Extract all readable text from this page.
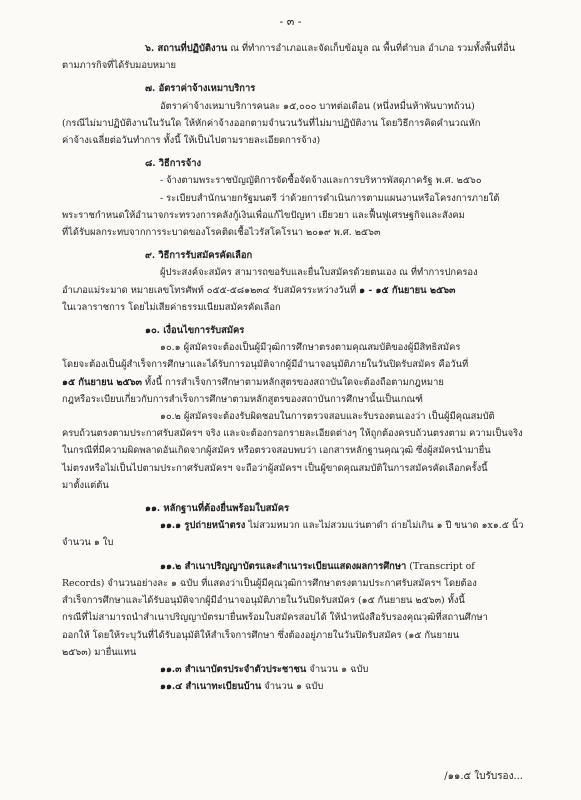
- ๓ -

๖. สถานที่ปฏิบัติงาน ณ ที่ทำการอำเภอและจัดเก็บข้อมูล ณ พื้นที่ตำบล อำเภอ รวมทั้งพื้นที่อื่น

ตามภารกิจที่ได้รับมอบหมาย

๗. อัตราค่าจ้างเหมาบริการ

อัตราค่าจ้างเหมาบริการคนละ ๑๕,๐๐๐ บาทต่อเดือน (หนึ่งหมื่นห้าพันบาทถ้วน)

(กรณีไม่มาปฏิบัติงานในวันใด ให้หักค่าจ้างออกตามจำนวนวันที่ไม่มาปฏิบัติงาน โดยวิธีการคิดคำนวณหัก

ค่าจ้างเฉลี่ยต่อวันทำการ ทั้งนี้ ให้เป็นไปตามรายละเอียดการจ้าง)

๘. วิธีการจ้าง

- จ้างตามพระราชบัญญัติการจัดซื้อจัดจ้างและการบริหารพัสดุภาครัฐ พ.ศ. ๒๕๖๐

- ระเบียบสำนักนายกรัฐมนตรี ว่าด้วยการดำเนินการตามแผนงานหรือโครงการภายใต้

พระราชกำหนดให้อำนาจกระทรวงการคลังกู้เงินเพื่อแก้ไขปัญหา เยียวยา และฟื้นฟูเศรษฐกิจและสังคม

ที่ได้รับผลกระทบจากการระบาดของโรคติดเชื้อไวรัสโคโรนา ๒๐๑๙ พ.ศ. ๒๕๖๓

๙. วิธีการรับสมัครคัดเลือก

ผู้ประสงค์จะสมัคร สามารถขอรับและยื่นใบสมัครด้วยตนเอง ณ ที่ทำการปกครอง

อำเภอแม่ระมาด หมายเลขโทรศัพท์ ๐๕๕-๕๘๑๒๓๔ รับสมัครระหว่างวันที่ ๑ - ๑๕ กันยายน ๒๕๖๓

ในเวลาราชการ โดยไม่เสียค่าธรรมเนียมสมัครคัดเลือก

๑๐. เงื่อนไขการรับสมัคร

๑๐.๑ ผู้สมัครจะต้องเป็นผู้มีวุฒิการศึกษาตรงตามคุณสมบัติของผู้มีสิทธิสมัคร

โดยจะต้องเป็นผู้สำเร็จการศึกษาและได้รับการอนุมัติจากผู้มีอำนาจอนุมัติภายในวันปิดรับสมัคร คือวันที่

๑๕ กันยายน ๒๕๖๓ ทั้งนี้ การสำเร็จการศึกษาตามหลักสูตรของสถาบันใดจะต้องถือตามกฎหมาย

กฎหรือระเบียบเกี่ยวกับการสำเร็จการศึกษาตามหลักสูตรของสถาบันการศึกษานั้นเป็นเกณฑ์

๑๐.๒ ผู้สมัครจะต้องรับผิดชอบในการตรวจสอบและรับรองตนเองว่า เป็นผู้มีคุณสมบัติ

ครบถ้วนตรงตามประกาศรับสมัครฯ จริง และจะต้องกรอกรายละเอียดต่างๆ ให้ถูกต้องครบถ้วนตรงตาม ความเป็นจริง

ในกรณีที่มีความผิดพลาดอันเกิดจากผู้สมัคร หรือตรวจสอบพบว่า เอกสารหลักฐานคุณวุฒิ ซึ่งผู้สมัครนำมายื่น

ไม่ตรงหรือไม่เป็นไปตามประกาศรับสมัครฯ จะถือว่าผู้สมัครฯ เป็นผู้ขาดคุณสมบัติในการสมัครคัดเลือกครั้งนี้

มาตั้งแต่ต้น

๑๑. หลักฐานที่ต้องยื่นพร้อมใบสมัคร

๑๑.๑ รูปถ่ายหน้าตรง ไม่สวมหมวก และไม่สวมแว่นตาดำ ถ่ายไม่เกิน ๑ ปี ขนาด ๑x๑.๕ นิ้ว

จำนวน ๑ ใบ

๑๑.๒ สำเนาปริญญาบัตรและสำเนาระเบียนแสดงผลการศึกษา (Transcript of

Records) จำนวนอย่างละ ๑ ฉบับ ที่แสดงว่าเป็นผู้มีคุณวุฒิการศึกษาตรงตามประกาศรับสมัครฯ โดยต้อง

สำเร็จการศึกษาและได้รับอนุมัติจากผู้มีอำนาจอนุมัติภายในวันปิดรับสมัคร (๑๕ กันยายน ๒๕๖๓) ทั้งนี้

กรณีที่ไม่สามารถนำสำเนาปริญญาบัตรมายื่นพร้อมใบสมัครสอบได้ ให้นำหนังสือรับรองคุณวุฒิที่สถานศึกษา

ออกให้ โดยให้ระบุวันที่ได้รับอนุมัติให้สำเร็จการศึกษา ซึ่งต้องอยู่ภายในวันปิดรับสมัคร (๑๕ กันยายน

๒๕๖๓) มายื่นแทน

๑๑.๓ สำเนาบัตรประจำตัวประชาชน จำนวน ๑ ฉบับ

๑๑.๔ สำเนาทะเบียนบ้าน จำนวน ๑ ฉบับ

/๑๑.๕ ใบรับรอง...
